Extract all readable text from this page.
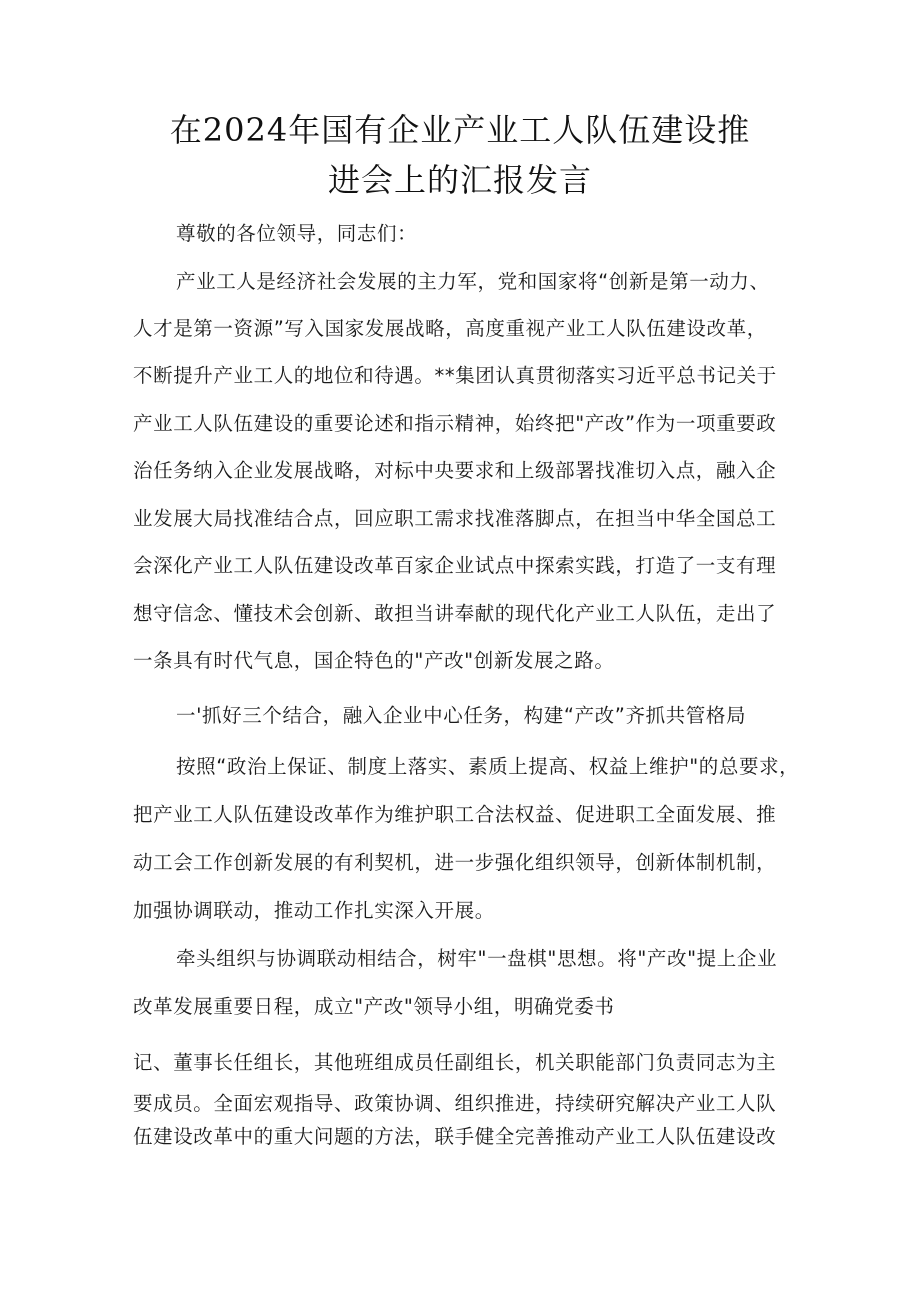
在2024年国有企业产业工人队伍建设推
进会上的汇报发言
尊敬的各位领导，同志们：
产业工人是经济社会发展的主力军，党和国家将“创新是第一动力、
人才是第一资源”写入国家发展战略，高度重视产业工人队伍建设改革，
不断提升产业工人的地位和待遇。**集团认真贯彻落实习近平总书记关于
产业工人队伍建设的重要论述和指示精神，始终把"产改”作为一项重要政
治任务纳入企业发展战略，对标中央要求和上级部署找准切入点，融入企
业发展大局找准结合点，回应职工需求找准落脚点，在担当中华全国总工
会深化产业工人队伍建设改革百家企业试点中探索实践，打造了一支有理
想守信念、懂技术会创新、敢担当讲奉献的现代化产业工人队伍，走出了
一条具有时代气息，国企特色的"产改"创新发展之路。
一'抓好三个结合，融入企业中心任务，构建“产改”齐抓共管格局
按照“政治上保证、制度上落实、素质上提高、权益上维护"的总要求，
把产业工人队伍建设改革作为维护职工合法权益、促进职工全面发展、推
动工会工作创新发展的有利契机，进一步强化组织领导，创新体制机制，
加强协调联动，推动工作扎实深入开展。
牵头组织与协调联动相结合，树牢"一盘棋"思想。将"产改"提上企业
改革发展重要日程，成立"产改"领导小组，明确党委书
记、董事长任组长，其他班组成员任副组长，机关职能部门负责同志为主
要成员。全面宏观指导、政策协调、组织推进，持续研究解决产业工人队
伍建设改革中的重大问题的方法，联手健全完善推动产业工人队伍建设改
